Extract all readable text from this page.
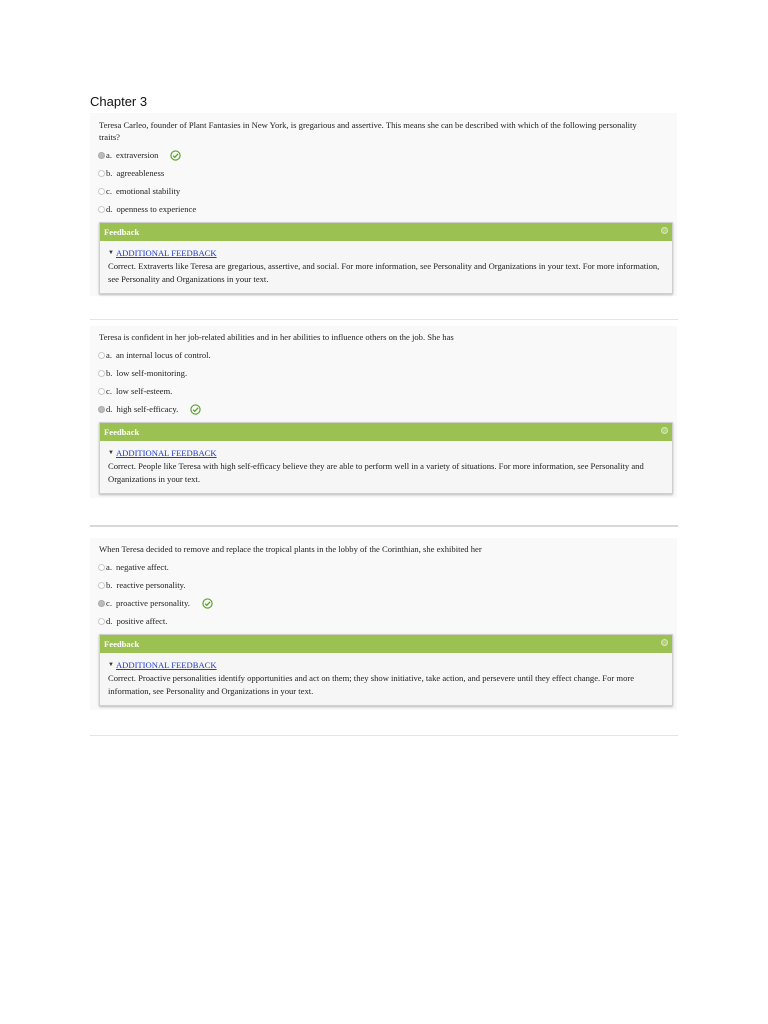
Chapter 3
Teresa Carleo, founder of Plant Fantasies in New York, is gregarious and assertive. This means she can be described with which of the following personality traits?
a. extraversion
b. agreeableness
c. emotional stability
d. openness to experience
Feedback
▼ ADDITIONAL FEEDBACK
Correct. Extraverts like Teresa are gregarious, assertive, and social. For more information, see Personality and Organizations in your text. For more information, see Personality and Organizations in your text.
Teresa is confident in her job-related abilities and in her abilities to influence others on the job. She has
a. an internal locus of control.
b. low self-monitoring.
c. low self-esteem.
d. high self-efficacy.
Feedback
▼ ADDITIONAL FEEDBACK
Correct. People like Teresa with high self-efficacy believe they are able to perform well in a variety of situations. For more information, see Personality and Organizations in your text.
When Teresa decided to remove and replace the tropical plants in the lobby of the Corinthian, she exhibited her
a. negative affect.
b. reactive personality.
c. proactive personality.
d. positive affect.
Feedback
▼ ADDITIONAL FEEDBACK
Correct. Proactive personalities identify opportunities and act on them; they show initiative, take action, and persevere until they effect change. For more information, see Personality and Organizations in your text.
